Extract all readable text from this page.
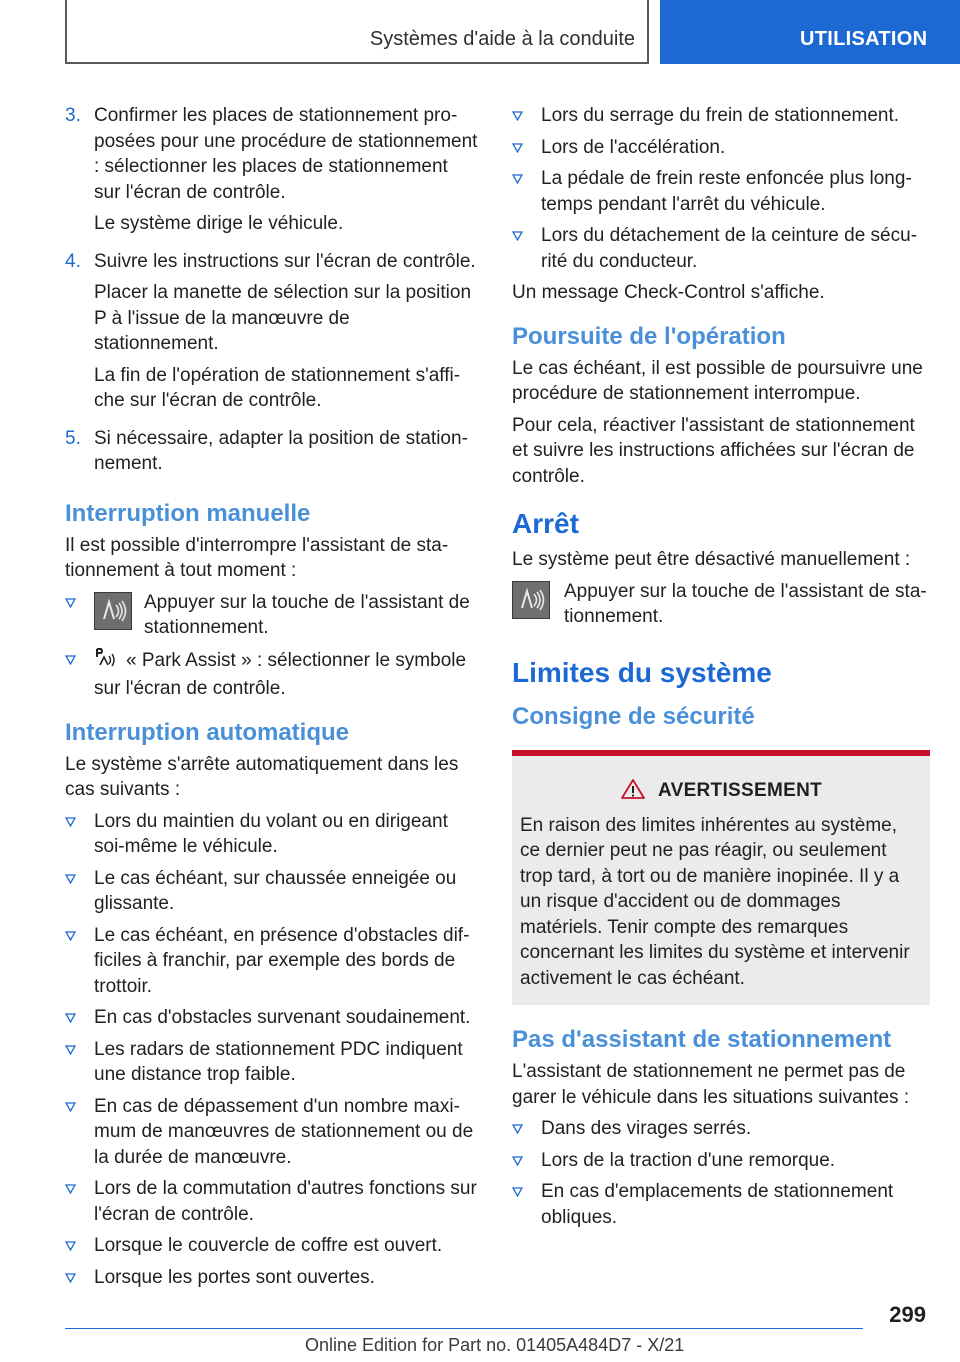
Systèmes d'aide à la conduite	UTILISATION
3. Confirmer les places de stationnement proposées pour une procédure de stationnement : sélectionner les places de stationnement sur l'écran de contrôle.

Le système dirige le véhicule.

4. Suivre les instructions sur l'écran de contrôle.

Placer la manette de sélection sur la position P à l'issue de la manœuvre de stationnement.

La fin de l'opération de stationnement s'affiche sur l'écran de contrôle.

5. Si nécessaire, adapter la position de stationnement.

Interruption manuelle

Il est possible d'interrompre l'assistant de stationnement à tout moment :

Appuyer sur la touche de l'assistant de stationnement.
« Park Assist » : sélectionner le symbole sur l'écran de contrôle.
Interruption automatique

Le système s'arrête automatiquement dans les cas suivants :

Lors du maintien du volant ou en dirigeant soi-même le véhicule.
Le cas échéant, sur chaussée enneigée ou glissante.
Le cas échéant, en présence d'obstacles difficiles à franchir, par exemple des bords de trottoir.
En cas d'obstacles survenant soudainement.
Les radars de stationnement PDC indiquent une distance trop faible.
En cas de dépassement d'un nombre maximum de manœuvres de stationnement ou de la durée de manœuvre.
Lors de la commutation d'autres fonctions sur l'écran de contrôle.
Lorsque le couvercle de coffre est ouvert.
Lorsque les portes sont ouvertes.
Lors du serrage du frein de stationnement.
Lors de l'accélération.
La pédale de frein reste enfoncée plus longtemps pendant l'arrêt du véhicule.
Lors du détachement de la ceinture de sécurité du conducteur.

Un message Check-Control s'affiche.

Poursuite de l'opération

Le cas échéant, il est possible de poursuivre une procédure de stationnement interrompue.

Pour cela, réactiver l'assistant de stationnement et suivre les instructions affichées sur l'écran de contrôle.

Arrêt

Le système peut être désactivé manuellement :

Appuyer sur la touche de l'assistant de stationnement.

Limites du système
Consigne de sécurité
AVERTISSEMENT

En raison des limites inhérentes au système, ce dernier peut ne pas réagir, ou seulement trop tard, à tort ou de manière inopinée. Il y a un risque d'accident ou de dommages matériels. Tenir compte des remarques concernant les limites du système et intervenir activement le cas échéant.

Pas d'assistant de stationnement

L'assistant de stationnement ne permet pas de garer le véhicule dans les situations suivantes :

Dans des virages serrés.
Lors de la traction d'une remorque.
En cas d'emplacements de stationnement obliques.
299
Online Edition for Part no. 01405A484D7 - X/21
